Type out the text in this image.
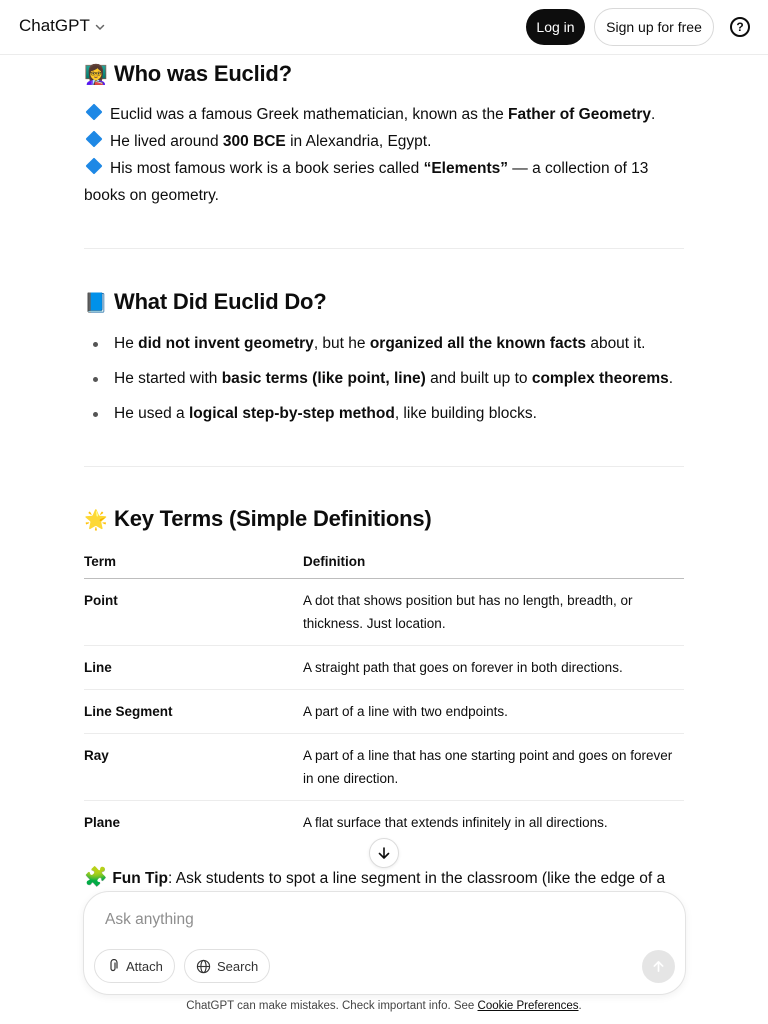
ChatGPT	Log in	Sign up for free	?
👩‍🏫 Who was Euclid?
Euclid was a famous Greek mathematician, known as the Father of Geometry.
He lived around 300 BCE in Alexandria, Egypt.
His most famous work is a book series called “Elements” — a collection of 13 books on geometry.
📘 What Did Euclid Do?
He did not invent geometry, but he organized all the known facts about it.
He started with basic terms (like point, line) and built up to complex theorems.
He used a logical step-by-step method, like building blocks.
🌟 Key Terms (Simple Definitions)
Term	Definition
Point	A dot that shows position but has no length, breadth, or thickness. Just location.
Line	A straight path that goes on forever in both directions.
Line Segment	A part of a line with two endpoints.
Ray	A part of a line that has one starting point and goes on forever in one direction.
Plane	A flat surface that extends infinitely in all directions.
🧩 Fun Tip: Ask students to spot a line segment in the classroom (like the edge of a
Ask anything
Attach	Search
ChatGPT can make mistakes. Check important info. See Cookie Preferences.
